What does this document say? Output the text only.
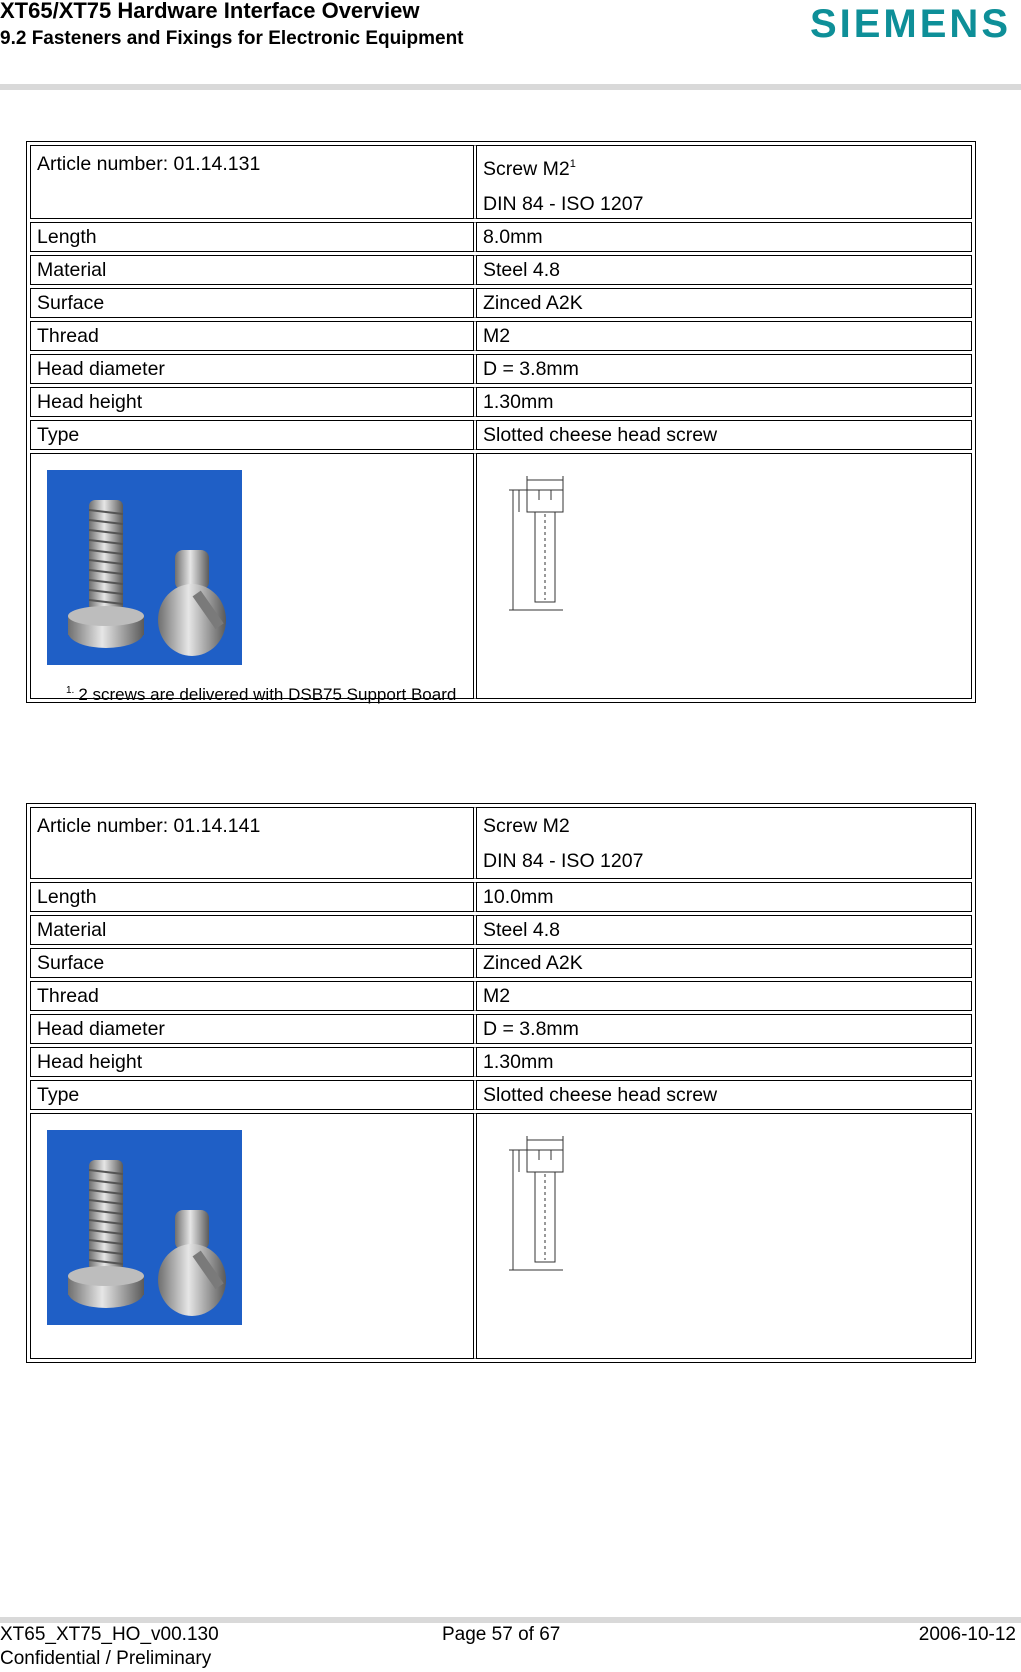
XT65/XT75 Hardware Interface Overview
9.2 Fasteners and Fixings for Electronic Equipment	SIEMENS
Article number: 01.14.131	Screw $M2^1$
DIN 84 - ISO 1207

Length	8.0mm
Material	Steel 4.8
Surface	Zinced A2K
Thread	M2
Head diameter	D = 3.8mm
Head height	1.30mm
Type	Slotted cheese head screw

$^{1.}$ 2 screws are delivered with DSB75 Support Board
Article number: 01.14.141	Screw M2
DIN 84 - ISO 1207

Length	10.0mm
Material	Steel 4.8
Surface	Zinced A2K
Thread	M2
Head diameter	D = 3.8mm
Head height	1.30mm
Type	Slotted cheese head screw

XT65_XT75_HO_v00.130	Page 57 of 67	2006-10-12
Confidential / Preliminary
